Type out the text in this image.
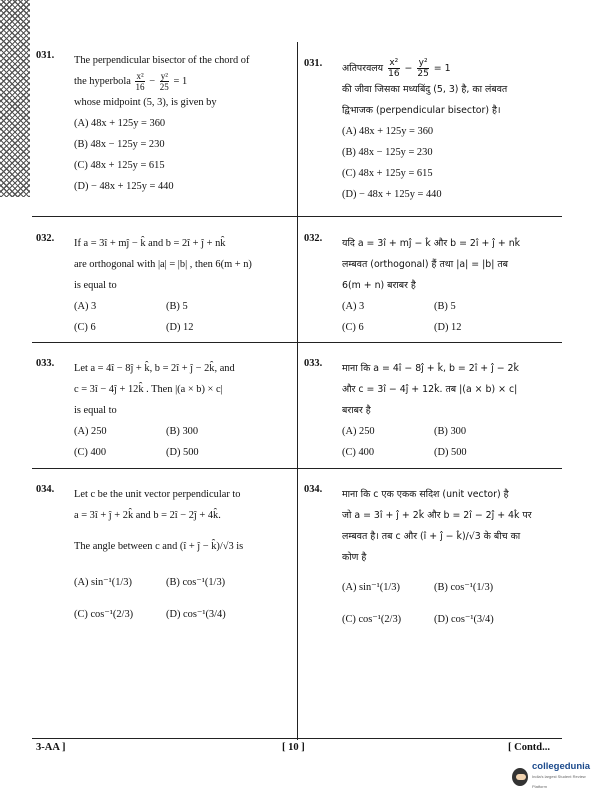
031. The perpendicular bisector of the chord of
the hyperbola $\frac{\text{x²}}{16} - \frac{\text{y²}}{25} = 1$
whose midpoint (5, 3), is given by
(A) 48x + 125y = 360
(B) 48x − 125y = 230
(C) 48x + 125y = 615
(D) − 48x + 125y = 440
031. अतिपरवलय $\frac{\text{x²}}{16} - \frac{\text{y²}}{25} = 1$
की जीवा जिसका मध्यबिंदु (5, 3) है, का लंबवत
द्विभाजक (perpendicular bisector) है।
(A) 48x + 125y = 360
(B) 48x − 125y = 230
(C) 48x + 125y = 615
(D) − 48x + 125y = 440
032. If a = 3î + mĵ − k̂ and b = 2î + ĵ + nk̂
are orthogonal with |a| = |b| , then 6(m + n)
is equal to
(A) 3	(B) 5
(C) 6	(D) 12
032. यदि a = 3î + mĵ − k̂ और b = 2î + ĵ + nk̂
लम्बवत (orthogonal) हैं तथा |a| = |b| तब
6(m + n) बराबर है
(A) 3	(B) 5
(C) 6	(D) 12
033. Let a = 4î − 8ĵ + k̂, b = 2î + ĵ − 2k̂, and
c = 3î − 4ĵ + 12k̂ . Then |(a × b) × c|
is equal to
(A) 250	(B) 300
(C) 400	(D) 500
033. माना कि a = 4î − 8ĵ + k̂, b = 2î + ĵ − 2k̂
और c = 3î − 4ĵ + 12k̂. तब |(a × b) × c|
बराबर है
(A) 250	(B) 300
(C) 400	(D) 500
034. Let c be the unit vector perpendicular to
a = 3î + ĵ + 2k̂ and b = 2î − 2ĵ + 4k̂.
The angle between c and (î + ĵ − k̂)/√3 is
(A) sin⁻¹(1/3)	(B) cos⁻¹(1/3)
(C) cos⁻¹(2/3)	(D) cos⁻¹(3/4)
034. माना कि c एक एकक सदिश (unit vector) है
जो a = 3î + ĵ + 2k̂ और b = 2î − 2ĵ + 4k̂ पर
लम्बवत है। तब c और (î + ĵ − k̂)/√3 के बीच का
कोण है
(A) sin⁻¹(1/3)	(B) cos⁻¹(1/3)
(C) cos⁻¹(2/3)	(D) cos⁻¹(3/4)
3-AA ]	[ 10 ]	[ Contd...
collegedunia
India's largest Student Review Platform
